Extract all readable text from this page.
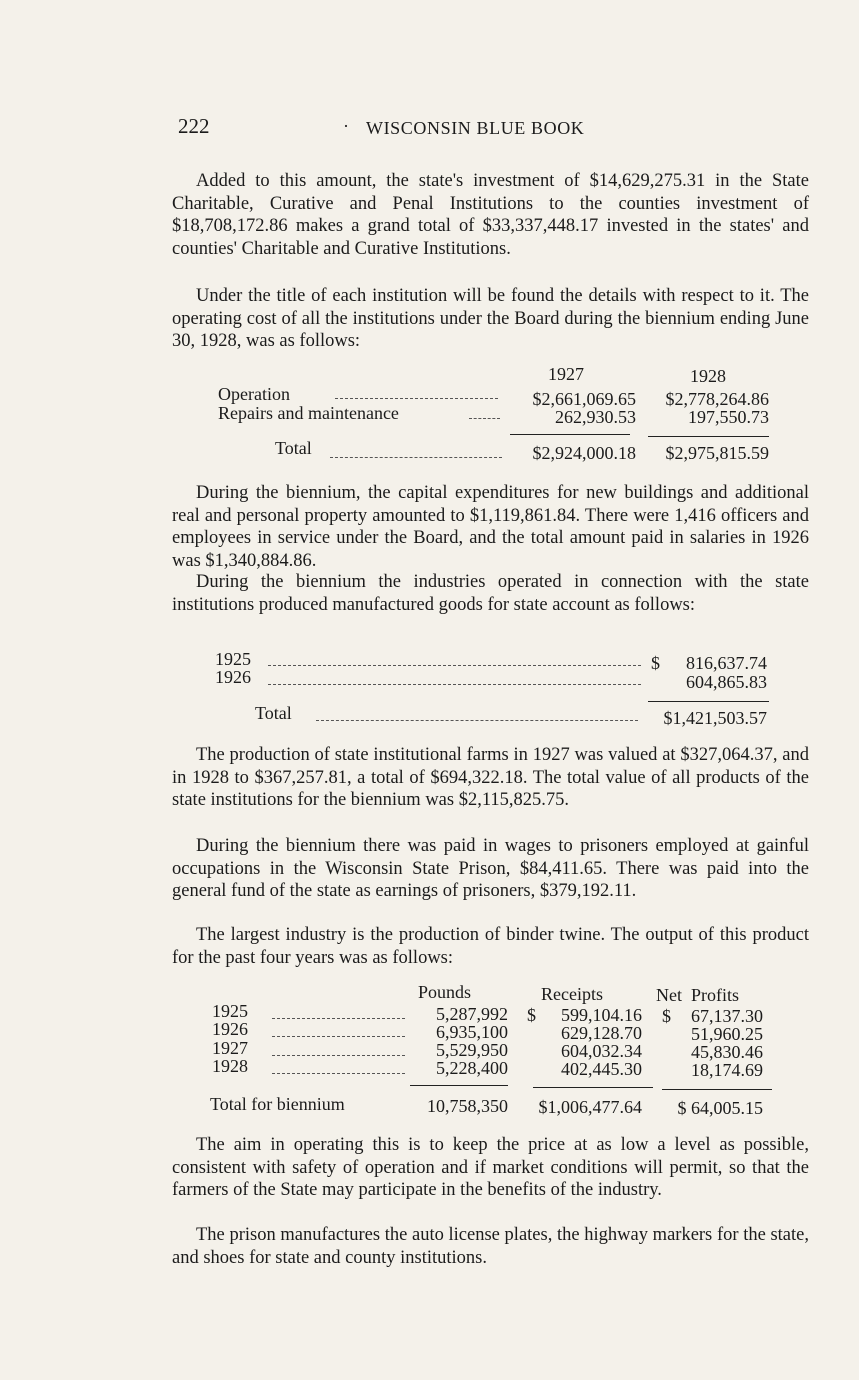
222	· WISCONSIN BLUE BOOK

Added to this amount, the state's investment of $14,629,275.31 in the State Charitable, Curative and Penal Institutions to the counties investment of $18,708,172.86 makes a grand total of $33,337,448.17 invested in the states' and counties' Charitable and Curative Institutions.

Under the title of each institution will be found the details with respect to it. The operating cost of all the institutions under the Board during the biennium ending June 30, 1928, was as follows:

1927	1928
Operation	$2,661,069.65	$2,778,264.86
Repairs and maintenance	262,930.53	197,550.73
Total	$2,924,000.18	$2,975,815.59

During the biennium, the capital expenditures for new buildings and additional real and personal property amounted to $1,119,861.84. There were 1,416 officers and employees in service under the Board, and the total amount paid in salaries in 1926 was $1,340,884.86.

During the biennium the industries operated in connection with the state institutions produced manufactured goods for state account as follows:

1925	$	816,637.74
1926	604,865.83
Total	$1,421,503.57

The production of state institutional farms in 1927 was valued at $327,064.37, and in 1928 to $367,257.81, a total of $694,322.18. The total value of all products of the state institutions for the biennium was $2,115,825.75.

During the biennium there was paid in wages to prisoners employed at gainful occupations in the Wisconsin State Prison, $84,411.65. There was paid into the general fund of the state as earnings of prisoners, $379,192.11.

The largest industry is the production of binder twine. The output of this product for the past four years was as follows:

Pounds	Receipts	Net  Profits
1925	5,287,992 $	599,104.16 $	67,137.30
1926	6,935,100	629,128.70	51,960.25
1927	5,529,950	604,032.34	45,830.46
1928	5,228,400	402,445.30	18,174.69
Total for biennium	10,758,350	$1,006,477.64	$ 64,005.15

The aim in operating this is to keep the price at as low a level as possible, consistent with safety of operation and if market conditions will permit, so that the farmers of the State may participate in the benefits of the industry.

The prison manufactures the auto license plates, the highway markers for the state, and shoes for state and county institutions.
